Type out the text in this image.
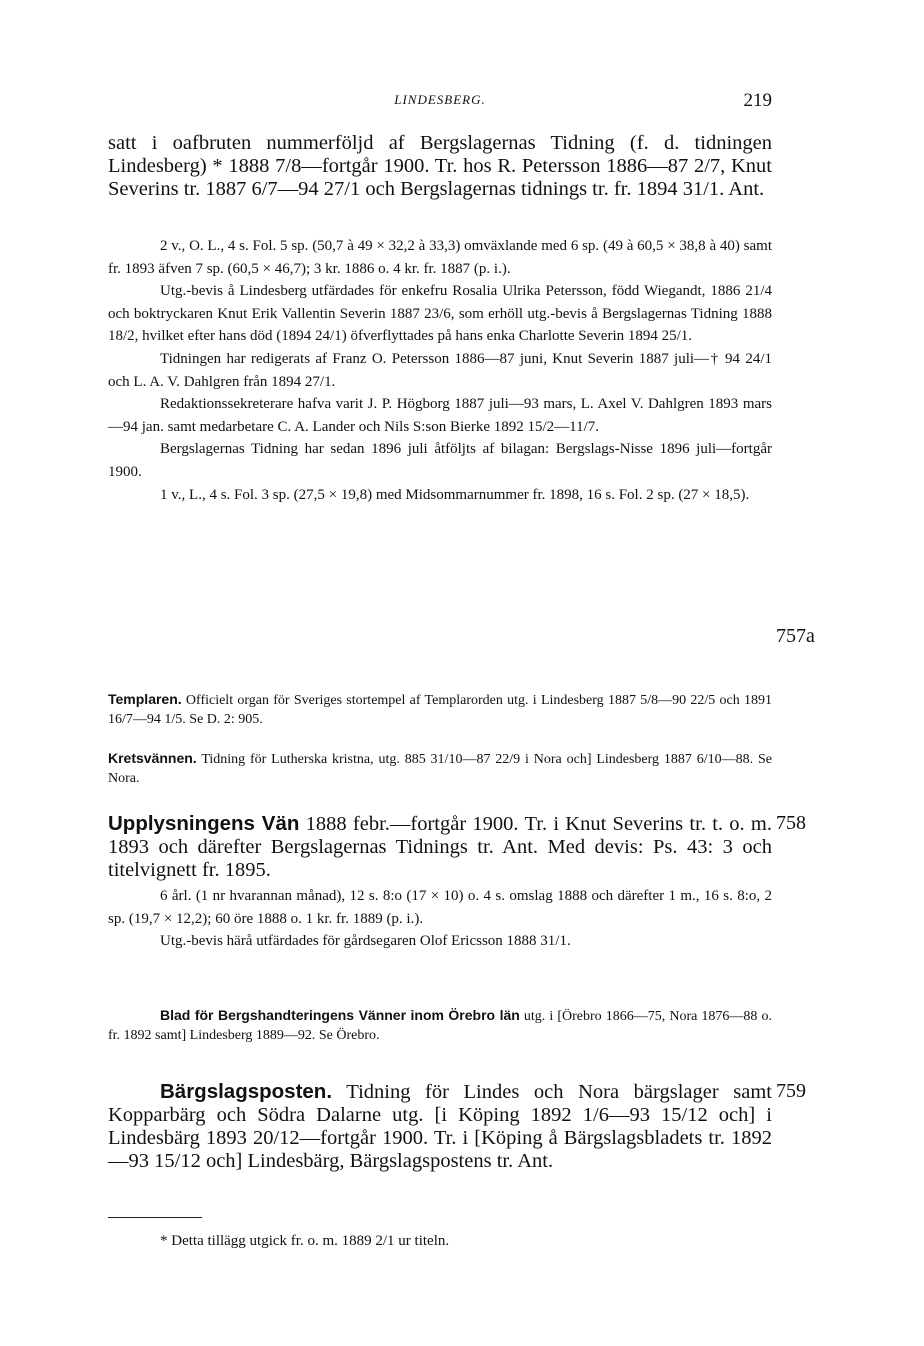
LINDESBERG.	219

satt i oafbruten nummerföljd af Bergslagernas Tidning (f. d. tidningen Lindesberg) * 1888 7/8—fortgår 1900. Tr. hos R. Petersson 1886—87 2/7, Knut Severins tr. 1887 6/7—94 27/1 och Bergslagernas tidnings tr. fr. 1894 31/1. Ant.

2 v., O. L., 4 s. Fol. 5 sp. (50,7 à 49 × 32,2 à 33,3) omväxlande med 6 sp. (49 à 60,5 × 38,8 à 40) samt fr. 1893 äfven 7 sp. (60,5 × 46,7); 3 kr. 1886 o. 4 kr. fr. 1887 (p. i.).

Utg.-bevis å Lindesberg utfärdades för enkefru Rosalia Ulrika Petersson, född Wiegandt, 1886 21/4 och boktryckaren Knut Erik Vallentin Severin 1887 23/6, som erhöll utg.-bevis å Bergslagernas Tidning 1888 18/2, hvilket efter hans död (1894 24/1) öfverflyttades på hans enka Charlotte Severin 1894 25/1.

Tidningen har redigerats af Franz O. Petersson 1886—87 juni, Knut Severin 1887 juli—† 94 24/1 och L. A. V. Dahlgren från 1894 27/1.

Redaktionssekreterare hafva varit J. P. Högborg 1887 juli—93 mars, L. Axel V. Dahlgren 1893 mars—94 jan. samt medarbetare C. A. Lander och Nils S:son Bierke 1892 15/2—11/7.

Bergslagernas Tidning har sedan 1896 juli åtföljts af bilagan: Bergslags-Nisse 1896 juli—fortgår 1900.

1 v., L., 4 s. Fol. 3 sp. (27,5 × 19,8) med Midsommarnummer fr. 1898, 16 s. Fol. 2 sp. (27 × 18,5).

757a

Templaren. Officielt organ för Sveriges stortempel af Templarorden utg. i Lindesberg 1887 5/8—90 22/5 och 1891 16/7—94 1/5. Se D. 2: 905.

Kretsvännen. Tidning för Lutherska kristna, utg. 885 31/10—87 22/9 i Nora och] Lindesberg 1887 6/10—88. Se Nora.

Upplysningens Vän 1888 febr.—fortgår 1900. Tr. i Knut Severins tr. t. o. m. 1893 och därefter Bergslagernas Tidnings tr. Ant. Med devis: Ps. 43: 3 och titelvignett fr. 1895.

758

6 årl. (1 nr hvarannan månad), 12 s. 8:o (17 × 10) o. 4 s. omslag 1888 och därefter 1 m., 16 s. 8:o, 2 sp. (19,7 × 12,2); 60 öre 1888 o. 1 kr. fr. 1889 (p. i.).

Utg.-bevis härå utfärdades för gårdsegaren Olof Ericsson 1888 31/1.

Blad för Bergshandteringens Vänner inom Örebro län utg. i [Örebro 1866—75, Nora 1876—88 o. fr. 1892 samt] Lindesberg 1889—92. Se Örebro.

Bärgslagsposten. Tidning för Lindes och Nora bärgslager samt Kopparbärg och Södra Dalarne utg. [i Köping 1892 1/6—93 15/12 och] i Lindesbärg 1893 20/12—fortgår 1900. Tr. i [Köping å Bärgslagsbladets tr. 1892—93 15/12 och] Lindesbärg, Bärgslagspostens tr. Ant.

759
* Detta tillägg utgick fr. o. m. 1889 2/1 ur titeln.
